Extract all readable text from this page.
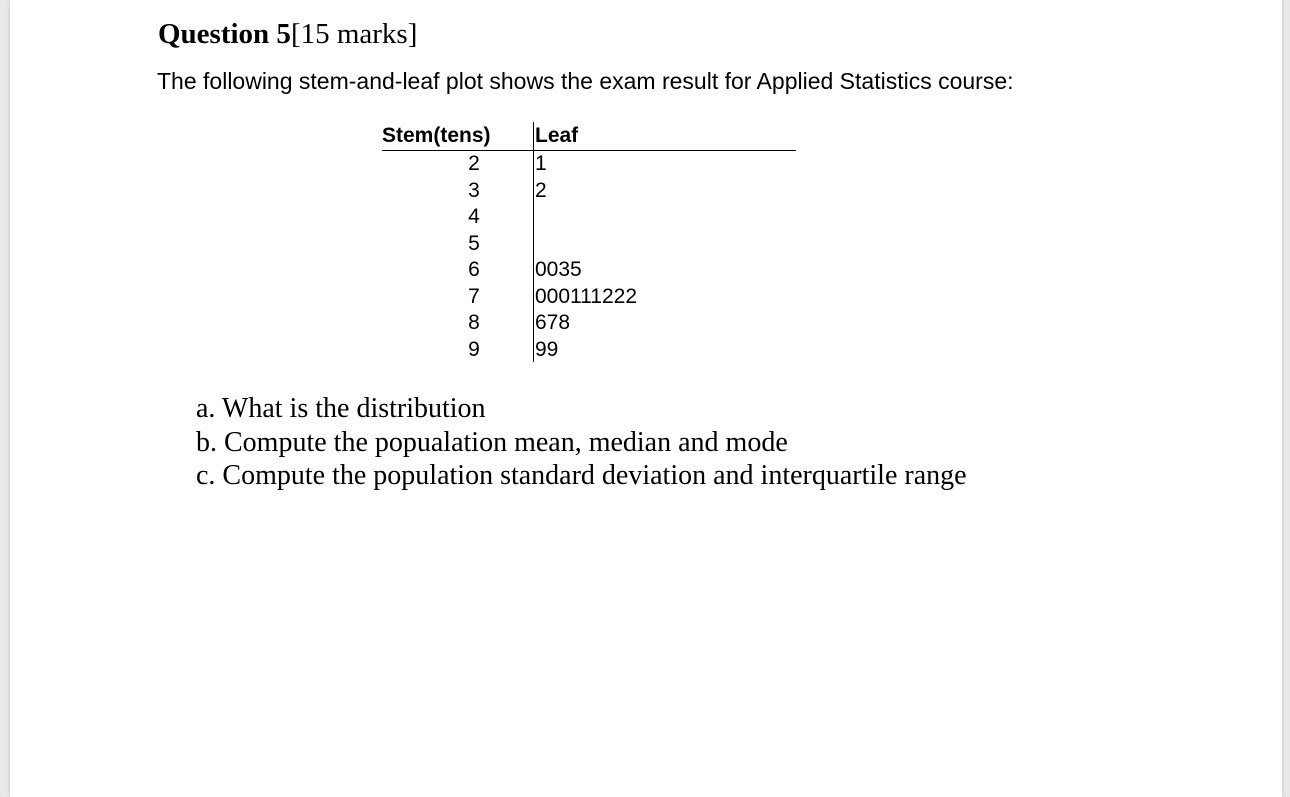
Question 5[15 marks]
The following stem-and-leaf plot shows the exam result for Applied Statistics course:
Stem(tens) Leaf
2	1
3	2
4
5
6	0035
7	000111222
8	678
9	99
a. What is the distribution
b. Compute the popualation mean, median and mode
c. Compute the population standard deviation and interquartile range
